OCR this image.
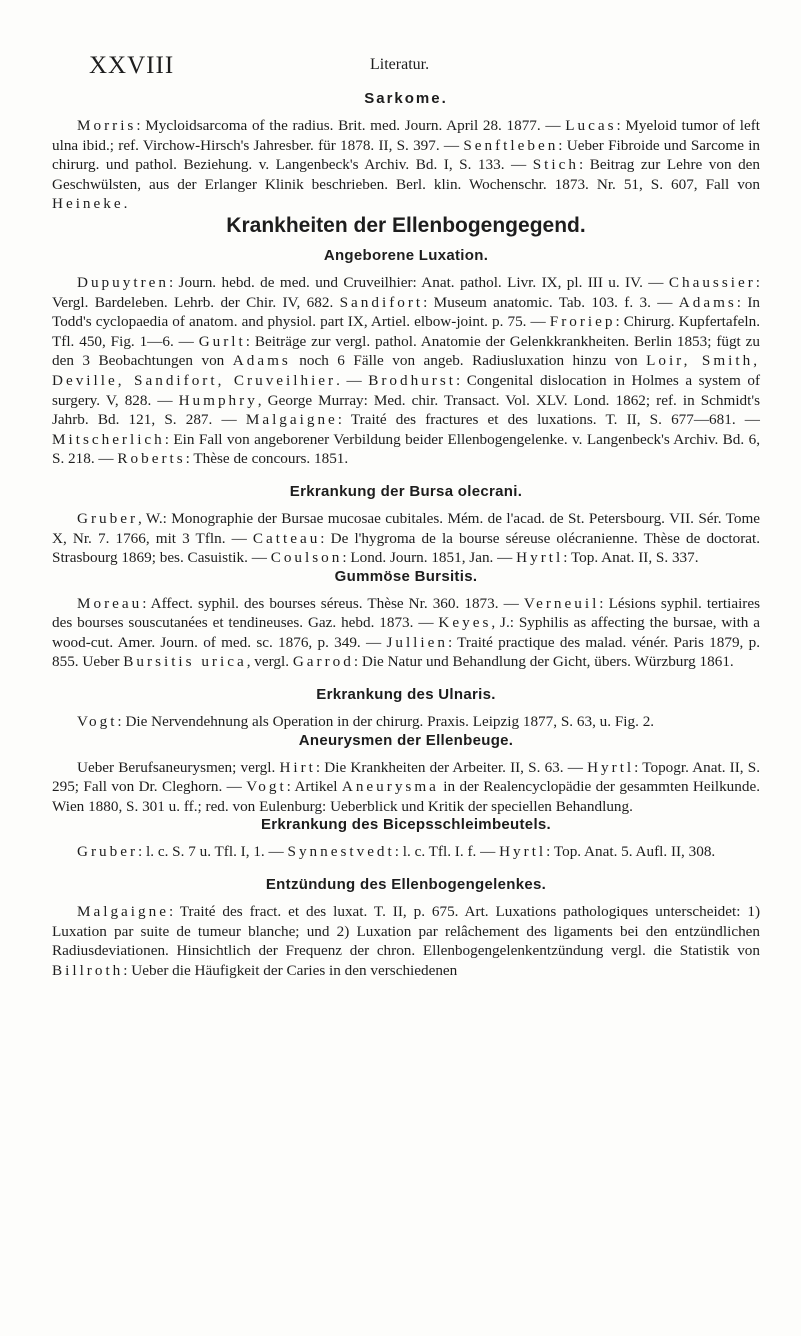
XXVIII	Literatur.
Sarkome.

Morris: Mycloidsarcoma of the radius. Brit. med. Journ. April 28. 1877. — Lucas: Myeloid tumor of left ulna ibid.; ref. Virchow-Hirsch's Jahresber. für 1878. II, S. 397. — Senftleben: Ueber Fibroide und Sarcome in chirurg. und pathol. Beziehung. v. Langenbeck's Archiv. Bd. I, S. 133. — Stich: Beitrag zur Lehre von den Geschwülsten, aus der Erlanger Klinik beschrieben. Berl. klin. Wochenschr. 1873. Nr. 51, S. 607, Fall von Heineke.

Krankheiten der Ellenbogengegend.
Angeborene Luxation.

Dupuytren: Journ. hebd. de med. und Cruveilhier: Anat. pathol. Livr. IX, pl. III u. IV. — Chaussier: Vergl. Bardeleben. Lehrb. der Chir. IV, 682. Sandifort: Museum anatomic. Tab. 103. f. 3. — Adams: In Todd's cyclopaedia of anatom. and physiol. part IX, Artiel. elbow-joint. p. 75. — Froriep: Chirurg. Kupfertafeln. Tfl. 450, Fig. 1—6. — Gurlt: Beiträge zur vergl. pathol. Anatomie der Gelenkkrankheiten. Berlin 1853; fügt zu den 3 Beobachtungen von Adams noch 6 Fälle von angeb. Radiusluxation hinzu von Loir, Smith, Deville, Sandifort, Cruveilhier. — Brodhurst: Congenital dislocation in Holmes a system of surgery. V, 828. — Humphry, George Murray: Med. chir. Transact. Vol. XLV. Lond. 1862; ref. in Schmidt's Jahrb. Bd. 121, S. 287. — Malgaigne: Traité des fractures et des luxations. T. II, S. 677—681. — Mitscherlich: Ein Fall von angeborener Verbildung beider Ellenbogengelenke. v. Langenbeck's Archiv. Bd. 6, S. 218. — Roberts: Thèse de concours. 1851.

Erkrankung der Bursa olecrani.

Gruber, W.: Monographie der Bursae mucosae cubitales. Mém. de l'acad. de St. Petersbourg. VII. Sér. Tome X, Nr. 7. 1766, mit 3 Tfln. — Catteau: De l'hygroma de la bourse séreuse olécranienne. Thèse de doctorat. Strasbourg 1869; bes. Casuistik. — Coulson: Lond. Journ. 1851, Jan. — Hyrtl: Top. Anat. II, S. 337.

Gummöse Bursitis.

Moreau: Affect. syphil. des bourses séreus. Thèse Nr. 360. 1873. — Verneuil: Lésions syphil. tertiaires des bourses souscutanées et tendineuses. Gaz. hebd. 1873. — Keyes, J.: Syphilis as affecting the bursae, with a wood-cut. Amer. Journ. of med. sc. 1876, p. 349. — Jullien: Traité practique des malad. vénér. Paris 1879, p. 855. Ueber Bursitis urica, vergl. Garrod: Die Natur und Behandlung der Gicht, übers. Würzburg 1861.

Erkrankung des Ulnaris.

Vogt: Die Nervendehnung als Operation in der chirurg. Praxis. Leipzig 1877, S. 63, u. Fig. 2.

Aneurysmen der Ellenbeuge.

Ueber Berufsaneurysmen; vergl. Hirt: Die Krankheiten der Arbeiter. II, S. 63. — Hyrtl: Topogr. Anat. II, S. 295; Fall von Dr. Cleghorn. — Vogt: Artikel Aneurysma in der Realencyclopädie der gesammten Heilkunde. Wien 1880, S. 301 u. ff.; red. von Eulenburg: Ueberblick und Kritik der speciellen Behandlung.

Erkrankung des Bicepsschleimbeutels.

Gruber: l. c. S. 7 u. Tfl. I, 1. — Synnestvedt: l. c. Tfl. I. f. — Hyrtl: Top. Anat. 5. Aufl. II, 308.

Entzündung des Ellenbogengelenkes.

Malgaigne: Traité des fract. et des luxat. T. II, p. 675. Art. Luxations pathologiques unterscheidet: 1) Luxation par suite de tumeur blanche; und 2) Luxation par relâchement des ligaments bei den entzündlichen Radiusdeviationen. Hinsichtlich der Frequenz der chron. Ellenbogengelenkentzündung vergl. die Statistik von Billroth: Ueber die Häufigkeit der Caries in den verschiedenen
